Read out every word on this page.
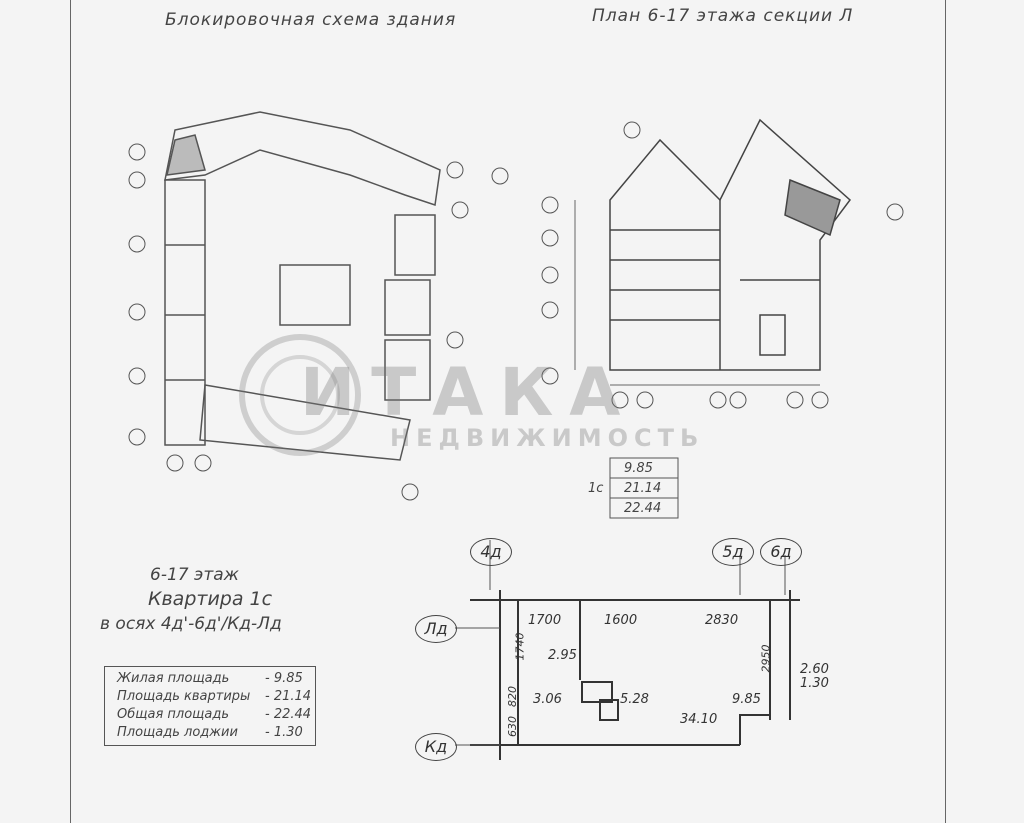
Блокировочная схема здания	План 6-17 этажа секции Л
ИТАКА
НЕДВИЖИМОСТЬ
1с
9.85
21.14
22.44
6-17 этаж
Квартира 1с
в осях 4д'-6д'/Кд-Лд
Жилая площадь	- 9.85
Площадь квартиры - 21.14
Общая площадь	- 22.44
Площадь лоджии - 1.30
4д	5д	6д
Лд
Кд
1700	1600	2830
1740	2950
2.95
3.06	5.28
34.10
9.85
2.60
1.30
820
630
